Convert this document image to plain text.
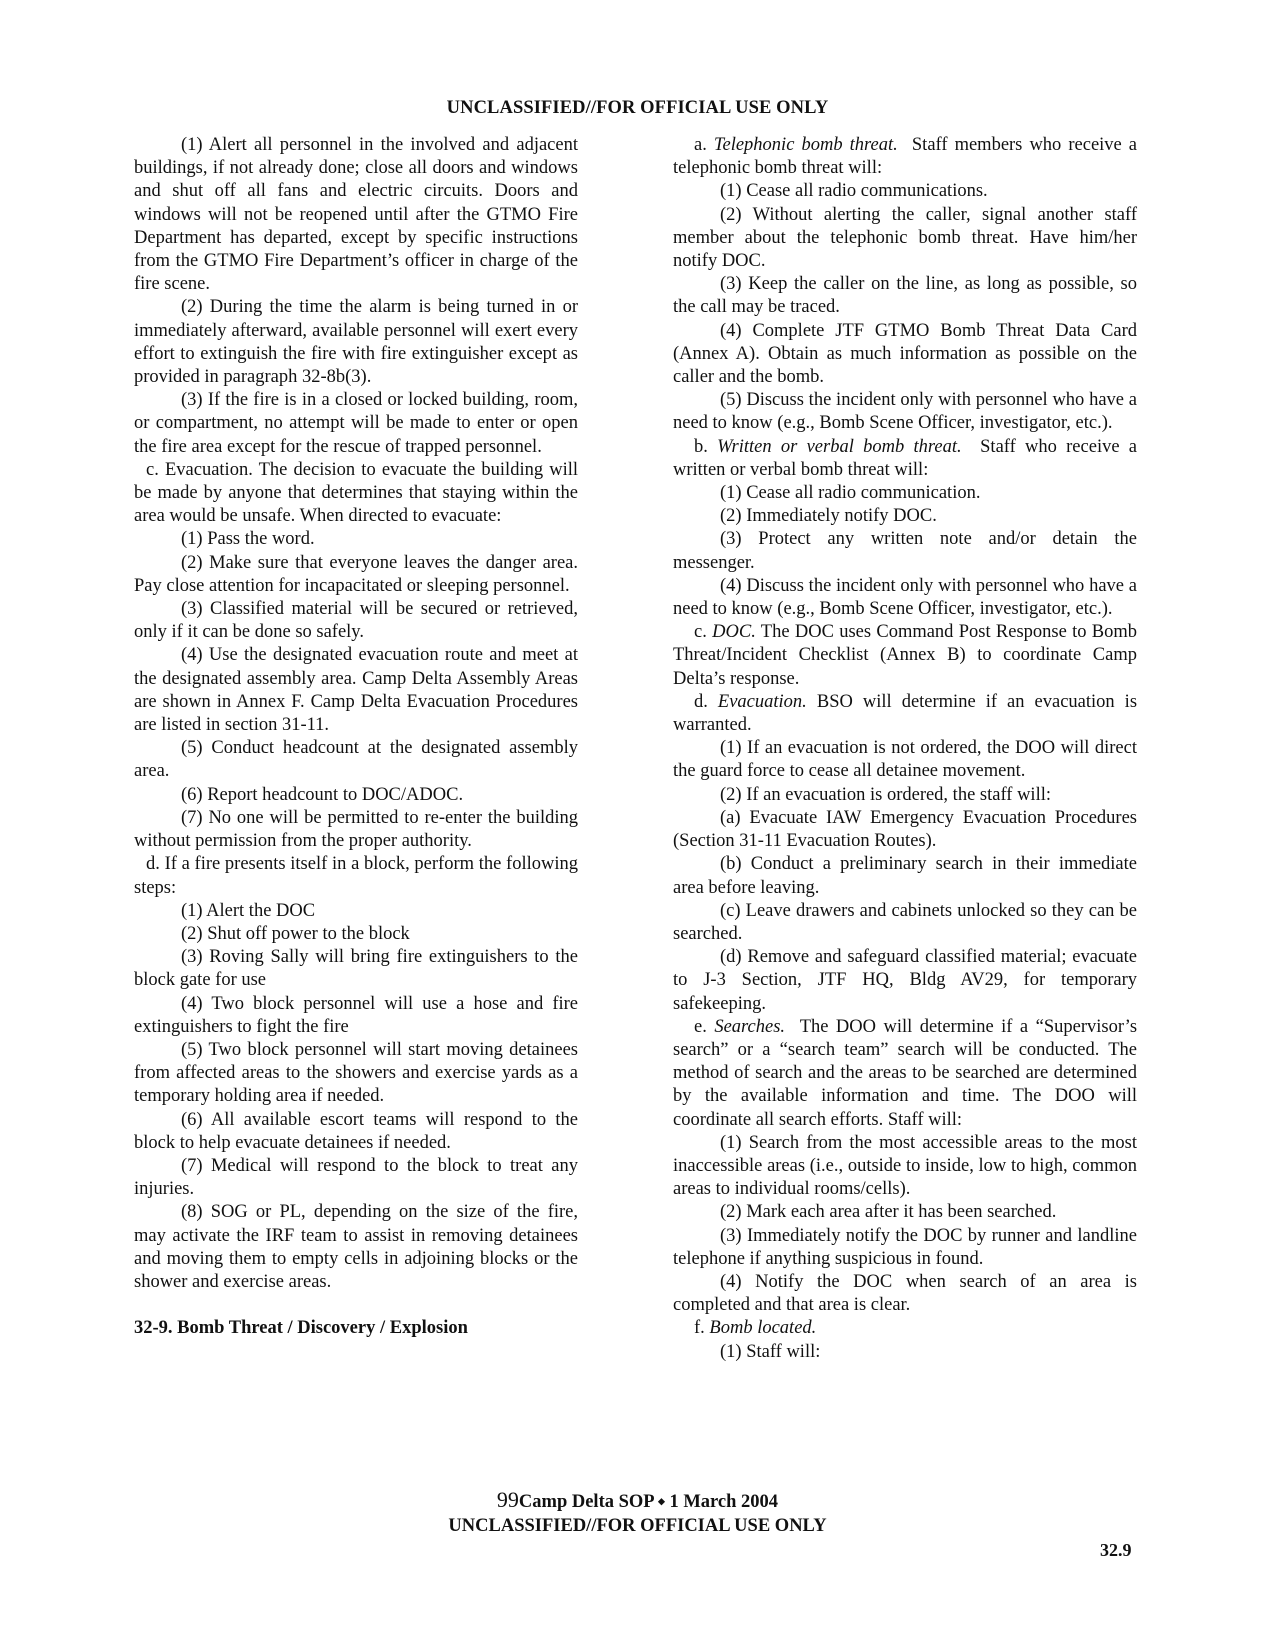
UNCLASSIFIED//FOR OFFICIAL USE ONLY

(1) Alert all personnel in the involved and adjacent buildings, if not already done; close all doors and windows and shut off all fans and electric circuits. Doors and windows will not be reopened until after the GTMO Fire Department has departed, except by specific instructions from the GTMO Fire Department’s officer in charge of the fire scene.

(2) During the time the alarm is being turned in or immediately afterward, available personnel will exert every effort to extinguish the fire with fire extinguisher except as provided in paragraph 32-8b(3).

(3) If the fire is in a closed or locked building, room, or compartment, no attempt will be made to enter or open the fire area except for the rescue of trapped personnel.

c. Evacuation. The decision to evacuate the building will be made by anyone that determines that staying within the area would be unsafe. When directed to evacuate:

(1) Pass the word.

(2) Make sure that everyone leaves the danger area. Pay close attention for incapacitated or sleeping personnel.

(3) Classified material will be secured or retrieved, only if it can be done so safely.

(4) Use the designated evacuation route and meet at the designated assembly area. Camp Delta Assembly Areas are shown in Annex F. Camp Delta Evacuation Procedures are listed in section 31-11.

(5) Conduct headcount at the designated assembly area.

(6) Report headcount to DOC/ADOC.

(7) No one will be permitted to re-enter the building without permission from the proper authority.

d. If a fire presents itself in a block, perform the following steps:

(1) Alert the DOC

(2) Shut off power to the block

(3) Roving Sally will bring fire extinguishers to the block gate for use

(4) Two block personnel will use a hose and fire extinguishers to fight the fire

(5) Two block personnel will start moving detainees from affected areas to the showers and exercise yards as a temporary holding area if needed.

(6) All available escort teams will respond to the block to help evacuate detainees if needed.

(7) Medical will respond to the block to treat any injuries.

(8) SOG or PL, depending on the size of the fire, may activate the IRF team to assist in removing detainees and moving them to empty cells in adjoining blocks or the shower and exercise areas.

32-9. Bomb Threat / Discovery / Explosion

a. Telephonic bomb threat. Staff members who receive a telephonic bomb threat will:

(1) Cease all radio communications.

(2) Without alerting the caller, signal another staff member about the telephonic bomb threat. Have him/her notify DOC.

(3) Keep the caller on the line, as long as possible, so the call may be traced.

(4) Complete JTF GTMO Bomb Threat Data Card (Annex A). Obtain as much information as possible on the caller and the bomb.

(5) Discuss the incident only with personnel who have a need to know (e.g., Bomb Scene Officer, investigator, etc.).

b. Written or verbal bomb threat. Staff who receive a written or verbal bomb threat will:

(1) Cease all radio communication.

(2) Immediately notify DOC.

(3) Protect any written note and/or detain the messenger.

(4) Discuss the incident only with personnel who have a need to know (e.g., Bomb Scene Officer, investigator, etc.).

c. DOC. The DOC uses Command Post Response to Bomb Threat/Incident Checklist (Annex B) to coordinate Camp Delta’s response.

d. Evacuation. BSO will determine if an evacuation is warranted.

(1) If an evacuation is not ordered, the DOO will direct the guard force to cease all detainee movement.

(2) If an evacuation is ordered, the staff will:

(a) Evacuate IAW Emergency Evacuation Procedures (Section 31-11 Evacuation Routes).

(b) Conduct a preliminary search in their immediate area before leaving.

(c) Leave drawers and cabinets unlocked so they can be searched.

(d) Remove and safeguard classified material; evacuate to J-3 Section, JTF HQ, Bldg AV29, for temporary safekeeping.

e. Searches. The DOO will determine if a “Supervisor’s search” or a “search team” search will be conducted. The method of search and the areas to be searched are determined by the available information and time. The DOO will coordinate all search efforts. Staff will:

(1) Search from the most accessible areas to the most inaccessible areas (i.e., outside to inside, low to high, common areas to individual rooms/cells).

(2) Mark each area after it has been searched.

(3) Immediately notify the DOC by runner and landline telephone if anything suspicious in found.

(4) Notify the DOC when search of an area is completed and that area is clear.

f. Bomb located.

(1) Staff will:

99Camp Delta SOP ⬩ 1 March 2004
UNCLASSIFIED//FOR OFFICIAL USE ONLY
32.9
